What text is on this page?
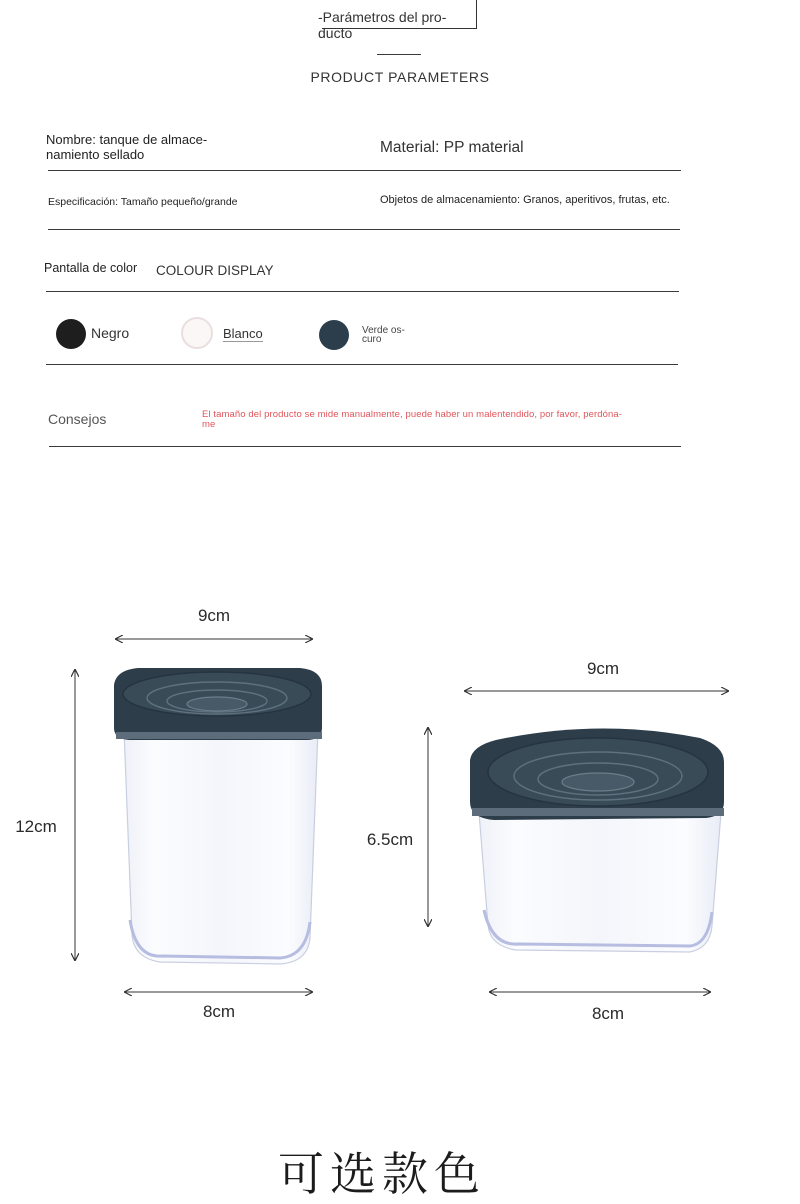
-Parámetros del pro-
ducto
PRODUCT PARAMETERS
Nombre: tanque de almace-
namiento sellado	Material: PP material
Especificación: Tamaño pequeño/grande	Objetos de almacenamiento: Granos, aperitivos, frutas, etc.
Pantalla de color COLOUR DISPLAY
Negro	Blanco	Verde os-
curo
Consejos	El tamaño del producto se mide manualmente, puede haber un malentendido, por favor, perdóna-
me
9cm
12cm
8cm
9cm
6.5cm
8cm
可选款色
